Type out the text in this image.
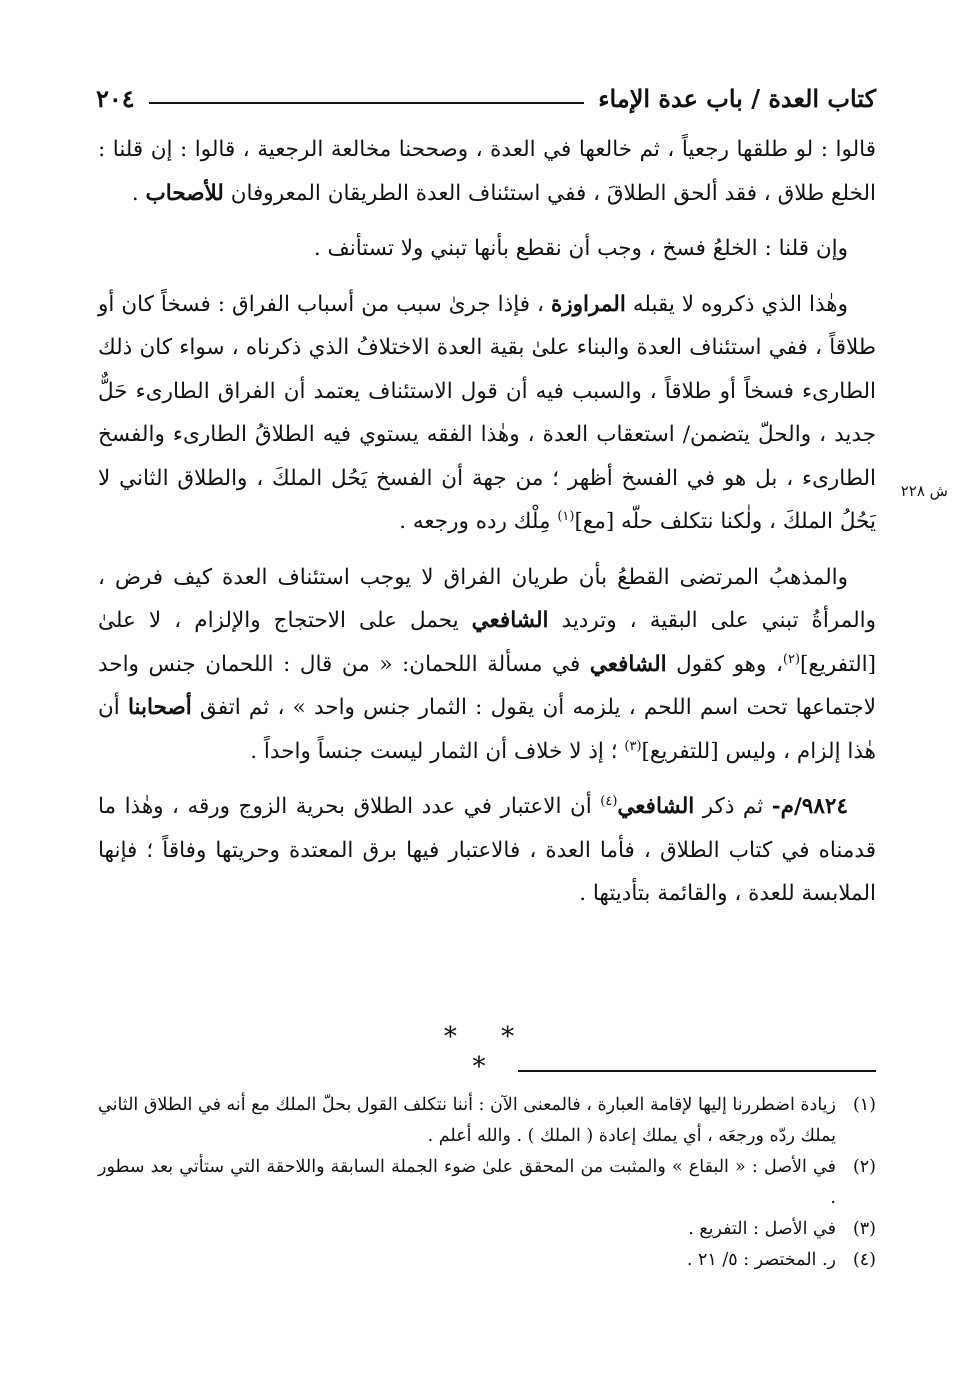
كتاب العدة / باب عدة الإماء
٢٠٤
ش ٢٢٨

قالوا : لو طلقها رجعياً ، ثم خالعها في العدة ، وصححنا مخالعة الرجعية ، قالوا : إن قلنا : الخلع طلاق ، فقد ألحق الطلاقَ ، ففي استئناف العدة الطريقان المعروفان للأصحاب .

وإن قلنا : الخلعُ فسخ ، وجب أن نقطع بأنها تبني ولا تستأنف .

وهٰذا الذي ذكروه لا يقبله المراوزة ، فإذا جرىٰ سبب من أسباب الفراق : فسخاً كان أو طلاقاً ، ففي استئناف العدة والبناء علىٰ بقية العدة الاختلافُ الذي ذكرناه ، سواء كان ذلك الطارىء فسخاً أو طلاقاً ، والسبب فيه أن قول الاستئناف يعتمد أن الفراق الطارىء حَلٌّ جديد ، والحلّ يتضمن/ استعقاب العدة ، وهٰذا الفقه يستوي فيه الطلاقُ الطارىء والفسخ الطارىء ، بل هو في الفسخ أظهر ؛ من جهة أن الفسخ يَحُل الملكَ ، والطلاق الثاني لا يَحُلُ الملكَ ، ولٰكنا نتكلف حلّه [مع]$^{(١)}$ مِلْك رده ورجعه .

والمذهبُ المرتضى القطعُ بأن طريان الفراق لا يوجب استئناف العدة كيف فرض ، والمرأةُ تبني على البقية ، وترديد الشافعي يحمل على الاحتجاج والإلزام ، لا علىٰ [التفريع]$^{(٢)}$، وهو كقول الشافعي في مسألة اللحمان: « من قال : اللحمان جنس واحد لاجتماعها تحت اسم اللحم ، يلزمه أن يقول : الثمار جنس واحد » ، ثم اتفق أصحابنا أن هٰذا إلزام ، وليس [للتفريع]$^{(٣)}$ ؛ إذ لا خلاف أن الثمار ليست جنساً واحداً .

٩٨٢٤/م- ثم ذكر الشافعي$^{(٤)}$ أن الاعتبار في عدد الطلاق بحرية الزوج ورقه ، وهٰذا ما قدمناه في كتاب الطلاق ، فأما العدة ، فالاعتبار فيها برق المعتدة وحريتها وفاقاً ؛ فإنها الملابسة للعدة ، والقائمة بتأديتها .

* * *
(١)
زيادة اضطررنا إليها لإقامة العبارة ، فالمعنى الآن : أننا نتكلف القول بحلّ الملك مع أنه في الطلاق الثاني يملك ردّه ورجعَه ، أي يملك إعادة ( الملك ) . والله أعلم .
(٢)
في الأصل : « البقاع » والمثبت من المحقق علىٰ ضوء الجملة السابقة واللاحقة التي ستأتي بعد سطور .
(٣)
في الأصل : التفريع .
(٤)
ر. المختصر : ٥/ ٢١ .
